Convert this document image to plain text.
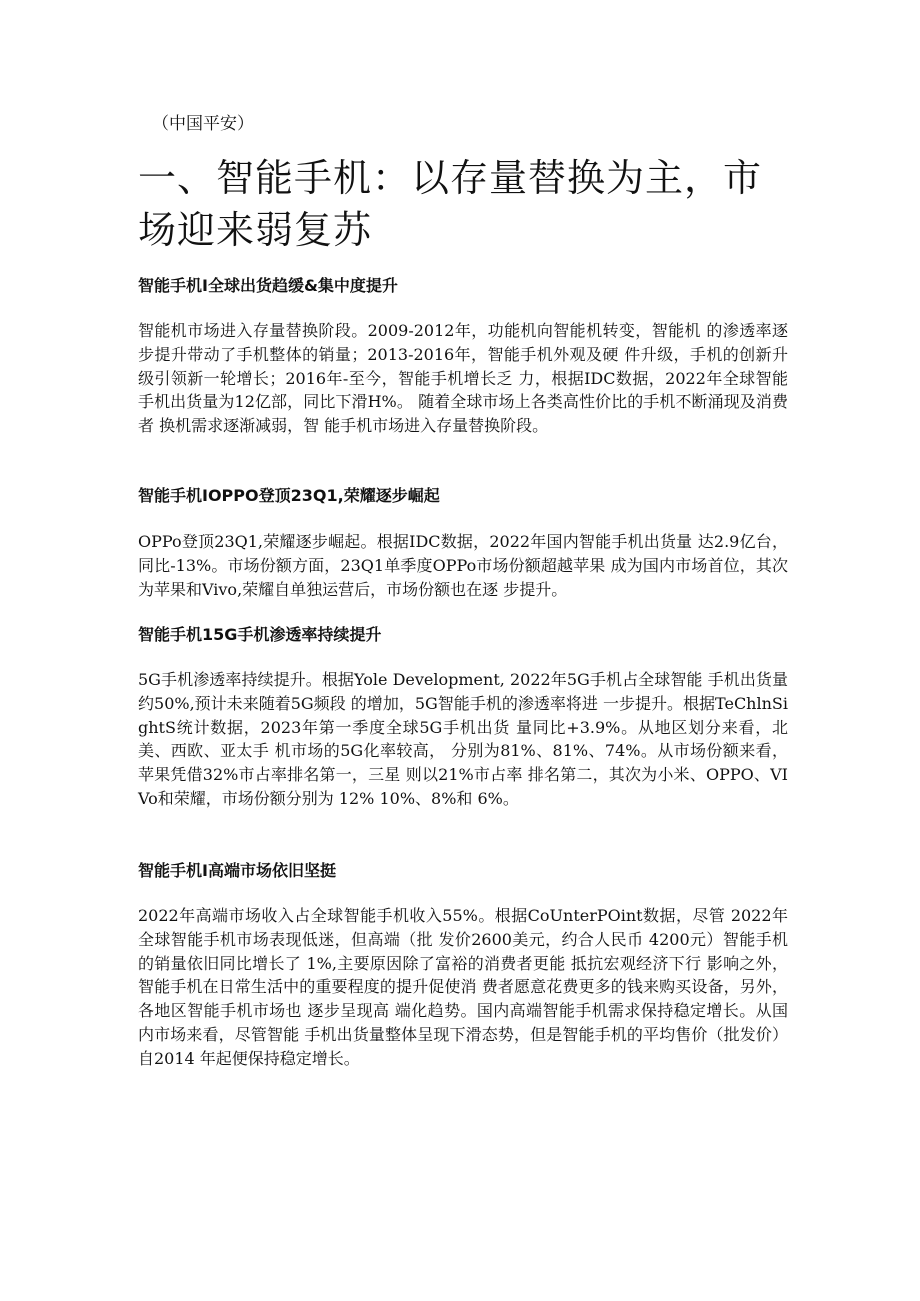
（中国平安）
一、智能手机：以存量替换为主，市场迎来弱复苏
智能手机I全球出货趋缓&集中度提升

智能机市场进入存量替换阶段。2009-2012年，功能机向智能机转变，智能机 的渗透率逐步提升带动了手机整体的销量；2013-2016年，智能手机外观及硬 件升级，手机的创新升级引领新一轮增长；2016年-至今，智能手机增长乏 力，根据IDC数据，2022年全球智能手机出货量为12亿部，同比下滑H%。 随着全球市场上各类高性价比的手机不断涌现及消费者 换机需求逐渐减弱，智 能手机市场进入存量替换阶段。

智能手机IOPPO登顶23Q1,荣耀逐步崛起

OPPo登顶23Q1,荣耀逐步崛起。根据IDC数据，2022年国内智能手机出货量 达2.9亿台，同比-13%。市场份额方面，23Q1单季度OPPo市场份额超越苹果 成为国内市场首位，其次为苹果和Vivo,荣耀自单独运营后，市场份额也在逐 步提升。

智能手机15G手机渗透率持续提升

5G手机渗透率持续提升。根据Yole Development, 2022年5G手机占全球智能 手机出货量约50%,预计未来随着5G频段 的增加，5G智能手机的渗透率将进 一步提升。根据TeChlnSightS统计数据，2023年第一季度全球5G手机出货 量同比+3.9%。从地区划分来看，北美、西欧、亚太手 机市场的5G化率较高， 分别为81%、81%、74%。从市场份额来看，苹果凭借32%市占率排名第一，三星 则以21%市占率 排名第二，其次为小米、OPPO、VIVo和荣耀，市场份额分别为 12% 10%、8%和 6%。

智能手机I高端市场依旧坚挺

2022年高端市场收入占全球智能手机收入55%。根据CoUnterPOint数据，尽管 2022年全球智能手机市场表现低迷，但高端（批 发价2600美元，约合人民币 4200元）智能手机的销量依旧同比增长了 1%,主要原因除了富裕的消费者更能 抵抗宏观经济下行 影响之外，智能手机在日常生活中的重要程度的提升促使消 费者愿意花费更多的钱来购买设备，另外，各地区智能手机市场也 逐步呈现高 端化趋势。国内高端智能手机需求保持稳定增长。从国内市场来看，尽管智能 手机出货量整体呈现下滑态势，但是智能手机的平均售价（批发价）自2014 年起便保持稳定增长。
